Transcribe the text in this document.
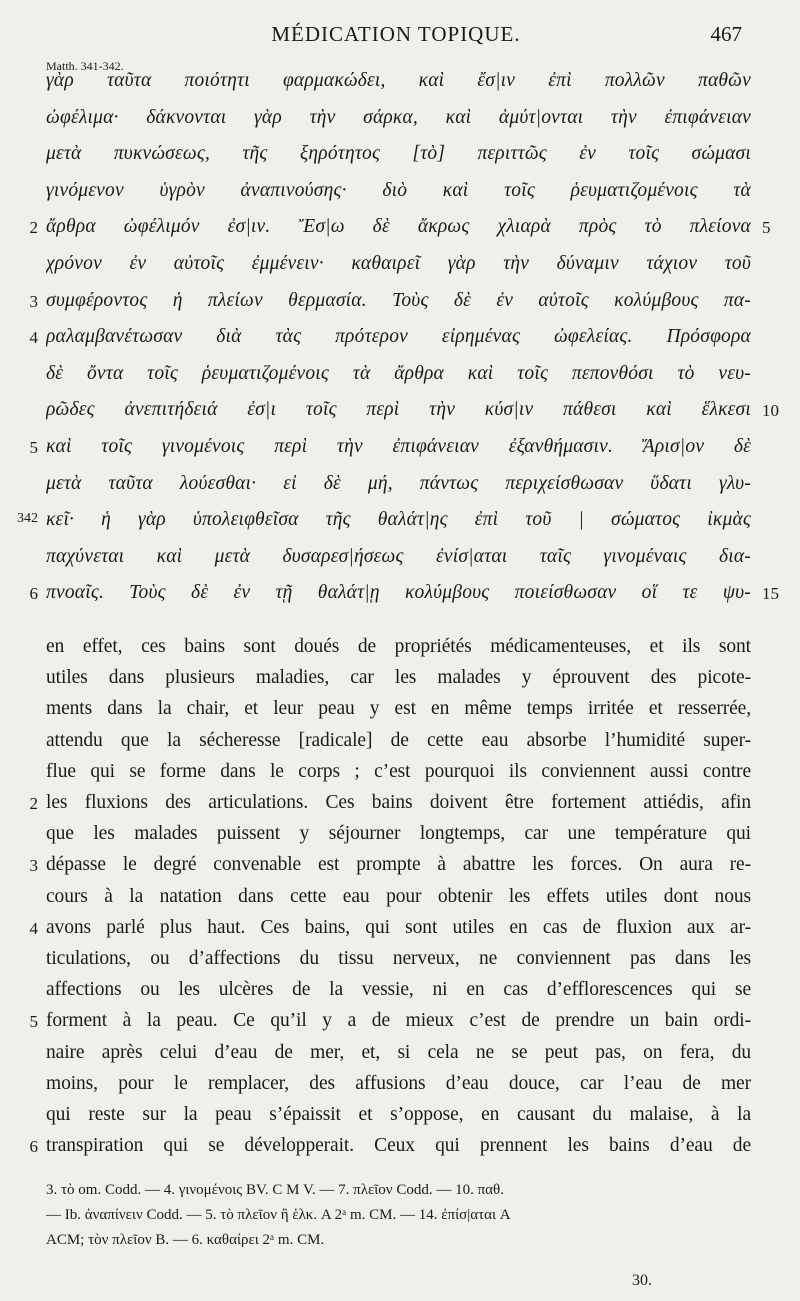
MÉDICATION TOPIQUE.	467
Matth. 341-342.
γὰρ ταῦτα ποιότητι φαρμακώδει, καὶ ἔσ|ιν ἐπὶ πολλῶν παθῶν
ὠφέλιμα· δάκνονται γὰρ τὴν σάρκα, καὶ ἀμύτ|ονται τὴν ἐπιφάνειαν
μετὰ πυκνώσεως, τῆς ξηρότητος [τὸ] περιττῶς ἐν τοῖς σώμασι
γινόμενον ὑγρὸν ἀναπινούσης· διὸ καὶ τοῖς ῥευματιζομένοις τὰ
ἄρθρα ὠφέλιμόν ἐσ|ιν. Ἔσ|ω δὲ ἄκρως χλιαρὰ πρὸς τὸ πλείονα
2	5
χρόνον ἐν αὐτοῖς ἐμμένειν· καθαιρεῖ γὰρ τὴν δύναμιν τάχιον τοῦ
συμφέροντος ἡ πλείων θερμασία. Τοὺς δὲ ἐν αὐτοῖς κολύμβους πα-
3
ραλαμβανέτωσαν διὰ τὰς πρότερον εἰρημένας ὠφελείας. Πρόσφορα
4
δὲ ὄντα τοῖς ῥευματιζομένοις τὰ ἄρθρα καὶ τοῖς πεπονθόσι τὸ νευ-
ρῶδες ἀνεπιτήδειά ἐσ|ι τοῖς περὶ τὴν κύσ|ιν πάθεσι καὶ ἕλκεσι 10
καὶ τοῖς γινομένοις περὶ τὴν ἐπιφάνειαν ἐξανθήμασιν. Ἄρισ|ον δὲ
5
μετὰ ταῦτα λούεσθαι· εἰ δὲ μή, πάντως περιχείσθωσαν ὕδατι γλυ-
κεῖ· ἡ γὰρ ὑπολειφθεῖσα τῆς θαλάτ|ης ἐπὶ τοῦ | σώματος ἰκμὰς
342
παχύνεται καὶ μετὰ δυσαρεσ|ήσεως ἐνίσ|αται ταῖς γινομέναις δια-
πνοαῖς. Τοὺς δὲ ἐν τῇ θαλάτ|ῃ κολύμβους ποιείσθωσαν οἵ τε ψυ-
6	15
en effet, ces bains sont doués de propriétés médicamenteuses, et ils sont
utiles dans plusieurs maladies, car les malades y éprouvent des picote-
ments dans la chair, et leur peau y est en même temps irritée et resserrée,
attendu que la sécheresse [radicale] de cette eau absorbe l’humidité super-
flue qui se forme dans le corps ; c’est pourquoi ils conviennent aussi contre
les fluxions des articulations. Ces bains doivent être fortement attiédis, afin
2
que les malades puissent y séjourner longtemps, car une température qui
dépasse le degré convenable est prompte à abattre les forces. On aura re-
3
cours à la natation dans cette eau pour obtenir les effets utiles dont nous
avons parlé plus haut. Ces bains, qui sont utiles en cas de fluxion aux ar-
4
ticulations, ou d’affections du tissu nerveux, ne conviennent pas dans les
affections ou les ulcères de la vessie, ni en cas d’efflorescences qui se
forment à la peau. Ce qu’il y a de mieux c’est de prendre un bain ordi-
5
naire après celui d’eau de mer, et, si cela ne se peut pas, on fera, du
moins, pour le remplacer, des affusions d’eau douce, car l’eau de mer
qui reste sur la peau s’épaissit et s’oppose, en causant du malaise, à la
transpiration qui se développerait. Ceux qui prennent les bains d’eau de
6
3. τὸ om. Codd. — 4. γινομένοις BV. C M V. — 7. πλεῖον Codd. — 10. παθ.
— Ib. ἀναπίνειν Codd. — 5. τὸ πλεῖον ἢ ἑλκ. A 2ᵃ m. CM. — 14. ἐπίσ|αται A
ACM; τὸν πλεῖον B. — 6. καθαίρει 2ᵃ m. CM.
30.
